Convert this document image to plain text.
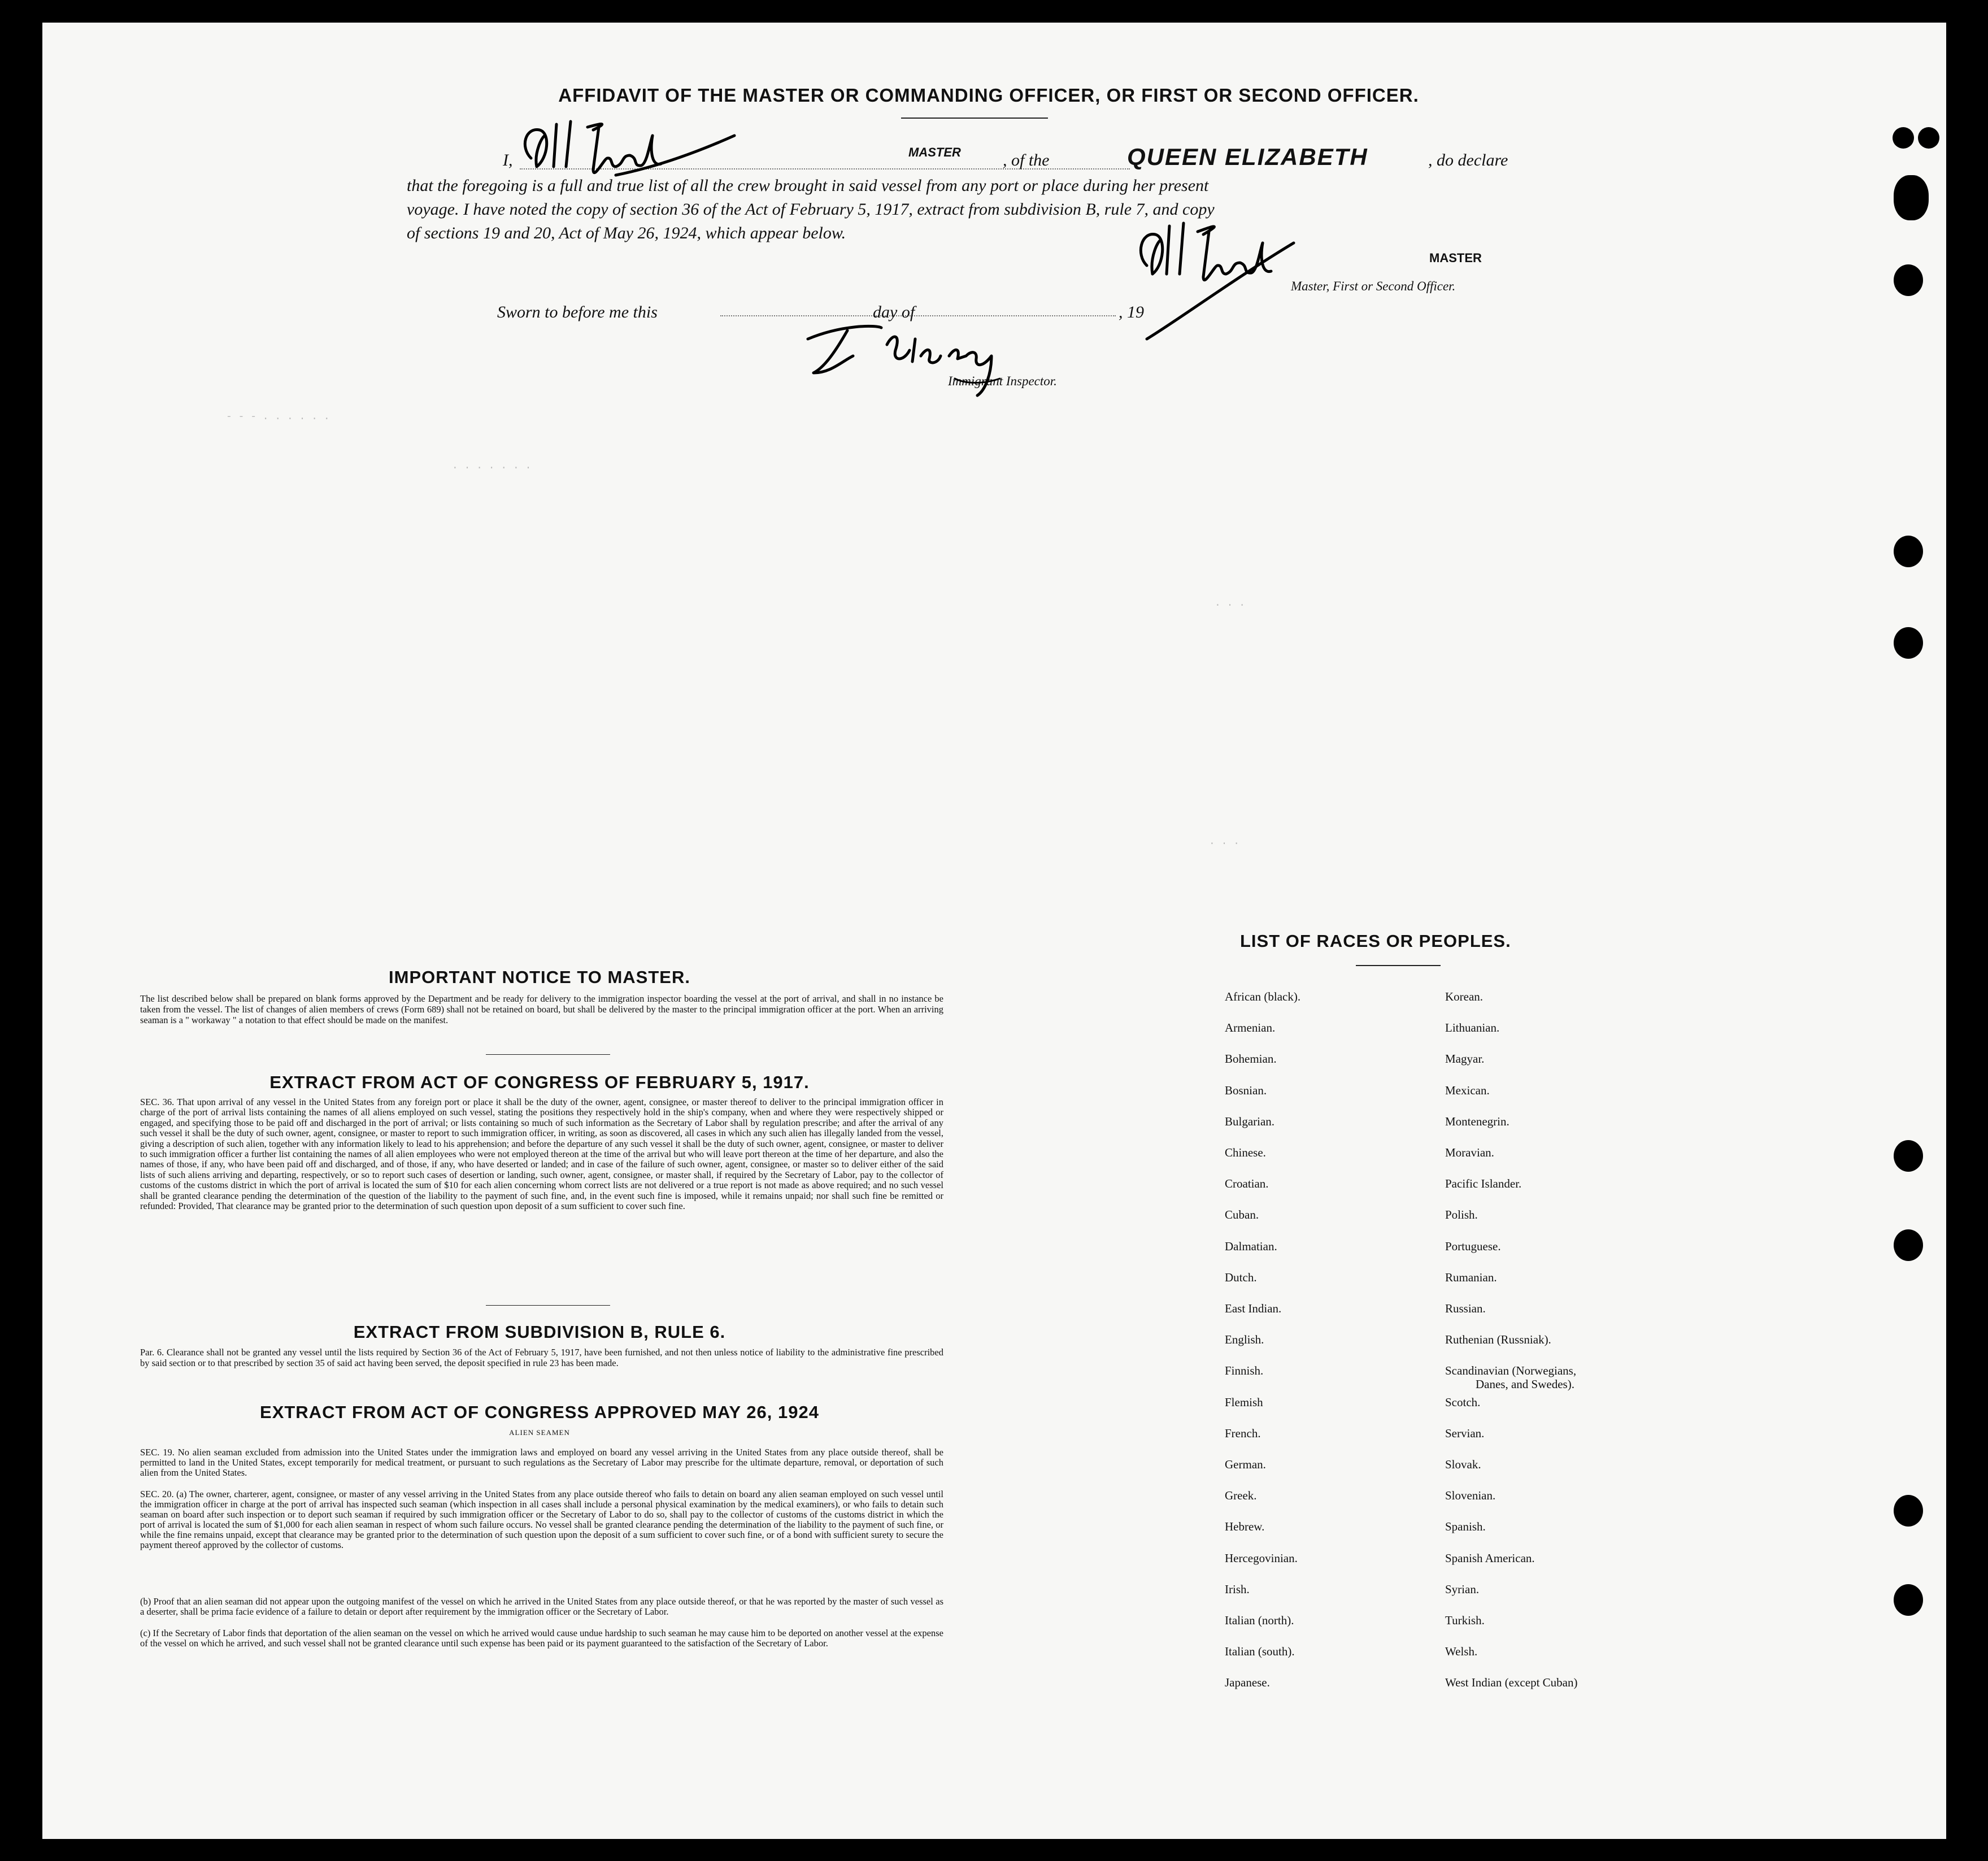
AFFIDAVIT OF THE MASTER OR COMMANDING OFFICER, OR FIRST OR SECOND OFFICER.
I,	MASTER , of the	QUEEN ELIZABETH	, do declare
that the foregoing is a full and true list of all the crew brought in said vessel from any port or place during her present
voyage. I have noted the copy of section 36 of the Act of February 5, 1917, extract from subdivision B, rule 7, and copy
of sections 19 and 20, Act of May 26, 1924, which appear below.
MASTER
Master, First or Second Officer.
Sworn to before me this	day of	, 19
Immigrant Inspector.
- - - . . . . . .
. . . . . . .
. . .
. . .
IMPORTANT NOTICE TO MASTER.
The list described below shall be prepared on blank forms approved by the Department and be ready for delivery to the immigration inspector boarding the vessel at the port of arrival, and shall in no instance be taken from the vessel. The list of changes of alien members of crews (Form 689) shall not be retained on board, but shall be delivered by the master to the principal immigration officer at the port. When an arriving seaman is a " workaway " a notation to that effect should be made on the manifest.
EXTRACT FROM ACT OF CONGRESS OF FEBRUARY 5, 1917.
SEC. 36. That upon arrival of any vessel in the United States from any foreign port or place it shall be the duty of the owner, agent, consignee, or master thereof to deliver to the principal immigration officer in charge of the port of arrival lists containing the names of all aliens employed on such vessel, stating the positions they respectively hold in the ship's company, when and where they were respectively shipped or engaged, and specifying those to be paid off and discharged in the port of arrival; or lists containing so much of such information as the Secretary of Labor shall by regulation prescribe; and after the arrival of any such vessel it shall be the duty of such owner, agent, consignee, or master to report to such immigration officer, in writing, as soon as discovered, all cases in which any such alien has illegally landed from the vessel, giving a description of such alien, together with any information likely to lead to his apprehension; and before the departure of any such vessel it shall be the duty of such owner, agent, consignee, or master to deliver to such immigration officer a further list containing the names of all alien employees who were not employed thereon at the time of the arrival but who will leave port thereon at the time of her departure, and also the names of those, if any, who have been paid off and discharged, and of those, if any, who have deserted or landed; and in case of the failure of such owner, agent, consignee, or master so to deliver either of the said lists of such aliens arriving and departing, respectively, or so to report such cases of desertion or landing, such owner, agent, consignee, or master shall, if required by the Secretary of Labor, pay to the collector of customs of the customs district in which the port of arrival is located the sum of $10 for each alien concerning whom correct lists are not delivered or a true report is not made as above required; and no such vessel shall be granted clearance pending the determination of the question of the liability to the payment of such fine, and, in the event such fine is imposed, while it remains unpaid; nor shall such fine be remitted or refunded: Provided, That clearance may be granted prior to the determination of such question upon deposit of a sum sufficient to cover such fine.
EXTRACT FROM SUBDIVISION B, RULE 6.
Par. 6. Clearance shall not be granted any vessel until the lists required by Section 36 of the Act of February 5, 1917, have been furnished, and not then unless notice of liability to the administrative fine prescribed by said section or to that prescribed by section 35 of said act having been served, the deposit specified in rule 23 has been made.
EXTRACT FROM ACT OF CONGRESS APPROVED MAY 26, 1924
ALIEN SEAMEN
SEC. 19. No alien seaman excluded from admission into the United States under the immigration laws and employed on board any vessel arriving in the United States from any place outside thereof, shall be permitted to land in the United States, except temporarily for medical treatment, or pursuant to such regulations as the Secretary of Labor may prescribe for the ultimate departure, removal, or deportation of such alien from the United States.
SEC. 20. (a) The owner, charterer, agent, consignee, or master of any vessel arriving in the United States from any place outside thereof who fails to detain on board any alien seaman employed on such vessel until the immigration officer in charge at the port of arrival has inspected such seaman (which inspection in all cases shall include a personal physical examination by the medical examiners), or who fails to detain such seaman on board after such inspection or to deport such seaman if required by such immigration officer or the Secretary of Labor to do so, shall pay to the collector of customs of the customs district in which the port of arrival is located the sum of $1,000 for each alien seaman in respect of whom such failure occurs. No vessel shall be granted clearance pending the determination of the liability to the payment of such fine, or while the fine remains unpaid, except that clearance may be granted prior to the determination of such question upon the deposit of a sum sufficient to cover such fine, or of a bond with sufficient surety to secure the payment thereof approved by the collector of customs.
(b) Proof that an alien seaman did not appear upon the outgoing manifest of the vessel on which he arrived in the United States from any place outside thereof, or that he was reported by the master of such vessel as a deserter, shall be prima facie evidence of a failure to detain or deport after requirement by the immigration officer or the Secretary of Labor.
(c) If the Secretary of Labor finds that deportation of the alien seaman on the vessel on which he arrived would cause undue hardship to such seaman he may cause him to be deported on another vessel at the expense of the vessel on which he arrived, and such vessel shall not be granted clearance until such expense has been paid or its payment guaranteed to the satisfaction of the Secretary of Labor.
LIST OF RACES OR PEOPLES.
African (black).
Armenian.
Bohemian.
Bosnian.
Bulgarian.
Chinese.
Croatian.
Cuban.
Dalmatian.
Dutch.
East Indian.
English.
Finnish.
Flemish
French.
German.
Greek.
Hebrew.
Hercegovinian.
Irish.
Italian (north).
Italian (south).
Japanese.
Korean.
Lithuanian.
Magyar.
Mexican.
Montenegrin.
Moravian.
Pacific Islander.
Polish.
Portuguese.
Rumanian.
Russian.
Ruthenian (Russniak).
Scandinavian (Norwegians,
Scotch.
Servian.
Slovak.
Slovenian.
Spanish.
Spanish American.
Syrian.
Turkish.
Welsh.
West Indian (except Cuban)
Danes, and Swedes).
